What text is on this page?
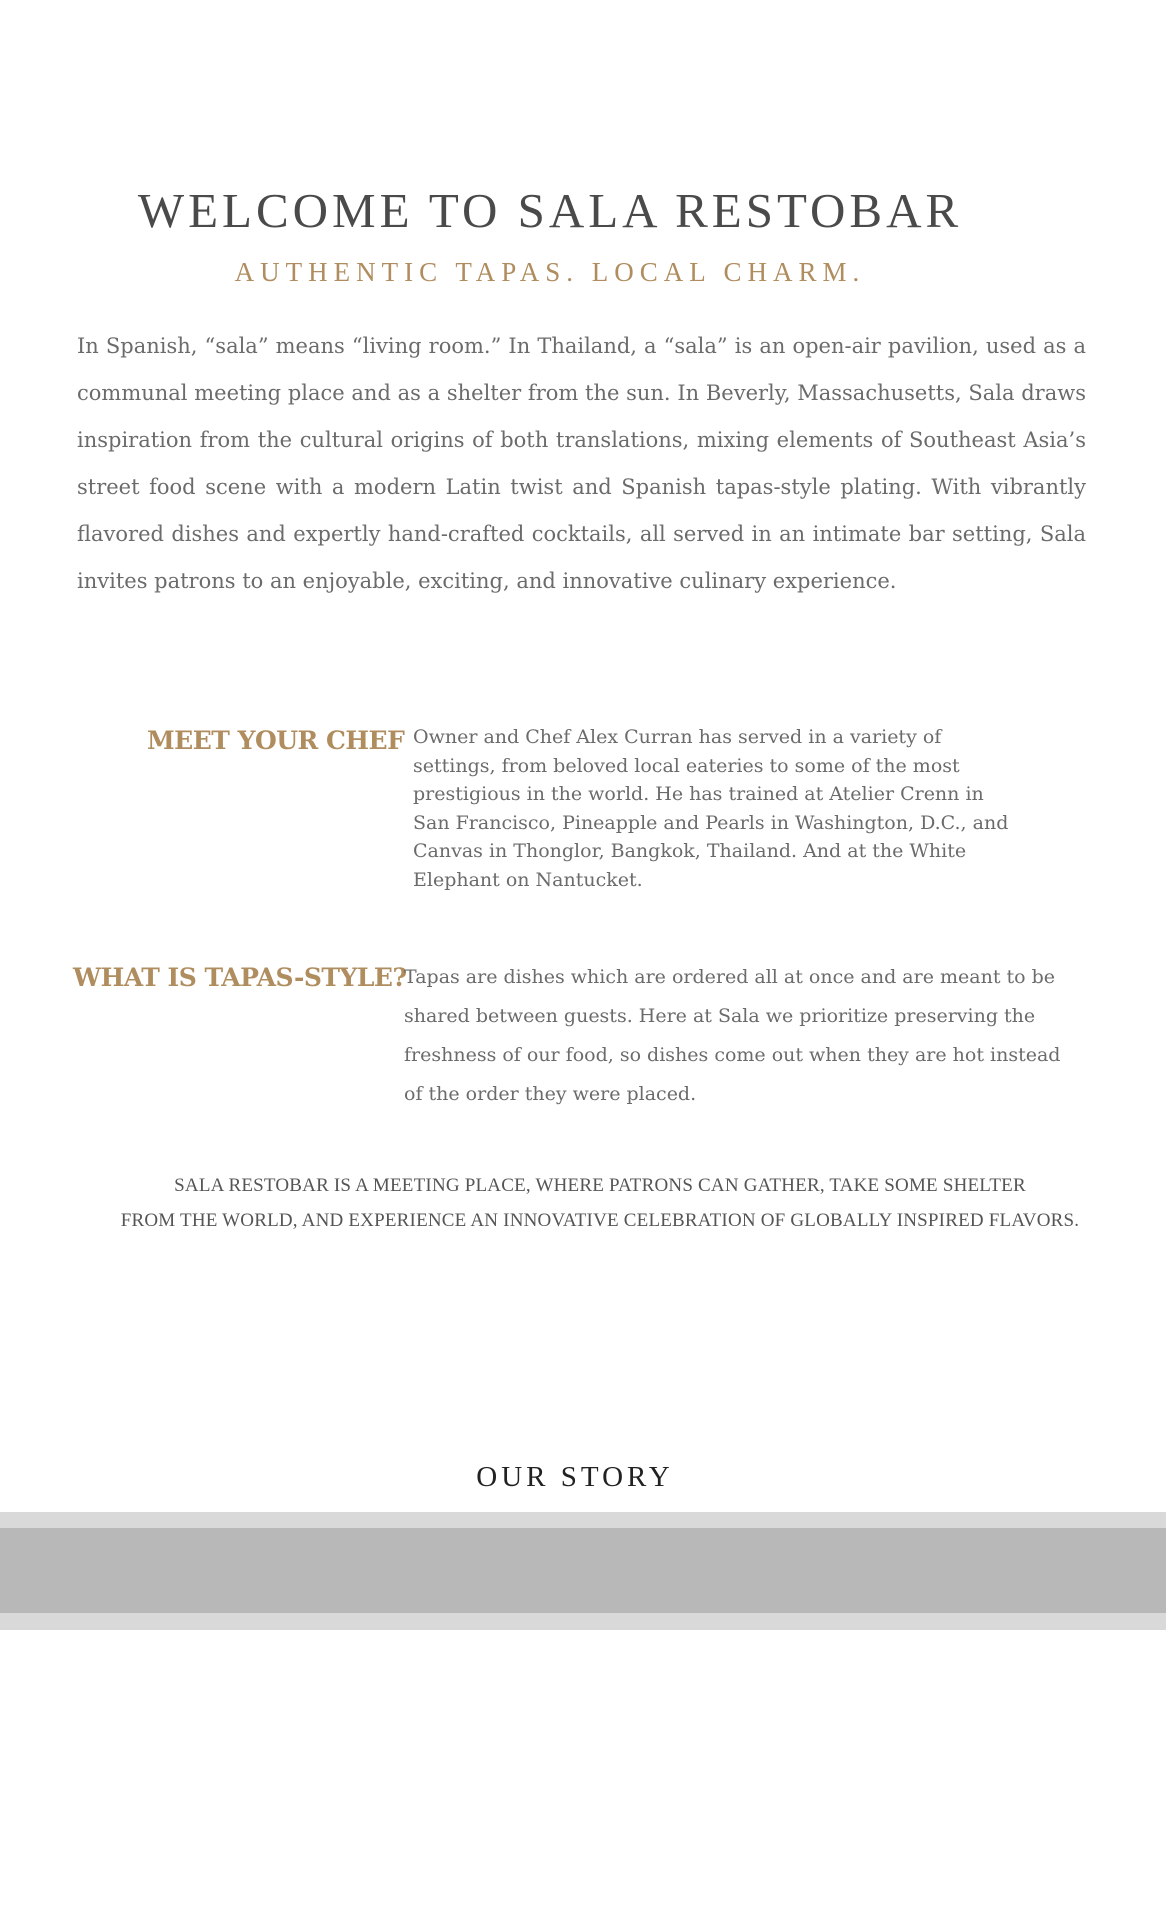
WELCOME TO SALA RESTOBAR
AUTHENTIC TAPAS. LOCAL CHARM.

In Spanish, “sala” means “living room.” In Thailand, a “sala” is an open-air pavilion, used as a communal meeting place and as a shelter from the sun. In Beverly, Massachusetts, Sala draws inspiration from the cultural origins of both translations, mixing elements of Southeast Asia’s street food scene with a modern Latin twist and Spanish tapas-style plating. With vibrantly flavored dishes and expertly hand-crafted cocktails, all served in an intimate bar setting, Sala invites patrons to an enjoyable, exciting, and innovative culinary experience.

MEET YOUR CHEF Owner and Chef Alex Curran has served in a variety of settings, from beloved local eateries to some of the most prestigious in the world. He has trained at Atelier Crenn in San Francisco, Pineapple and Pearls in Washington, D.C., and Canvas in Thonglor, Bangkok, Thailand. And at the White Elephant on Nantucket.

WHAT IS TAPAS-STYLE?

Tapas are dishes which are ordered all at once and are meant to be shared between guests. Here at Sala we prioritize preserving the freshness of our food, so dishes come out when they are hot instead of the order they were placed.

SALA RESTOBAR IS A MEETING PLACE, WHERE PATRONS CAN GATHER, TAKE SOME SHELTER
FROM THE WORLD, AND EXPERIENCE AN INNOVATIVE CELEBRATION OF GLOBALLY INSPIRED FLAVORS.
OUR STORY
